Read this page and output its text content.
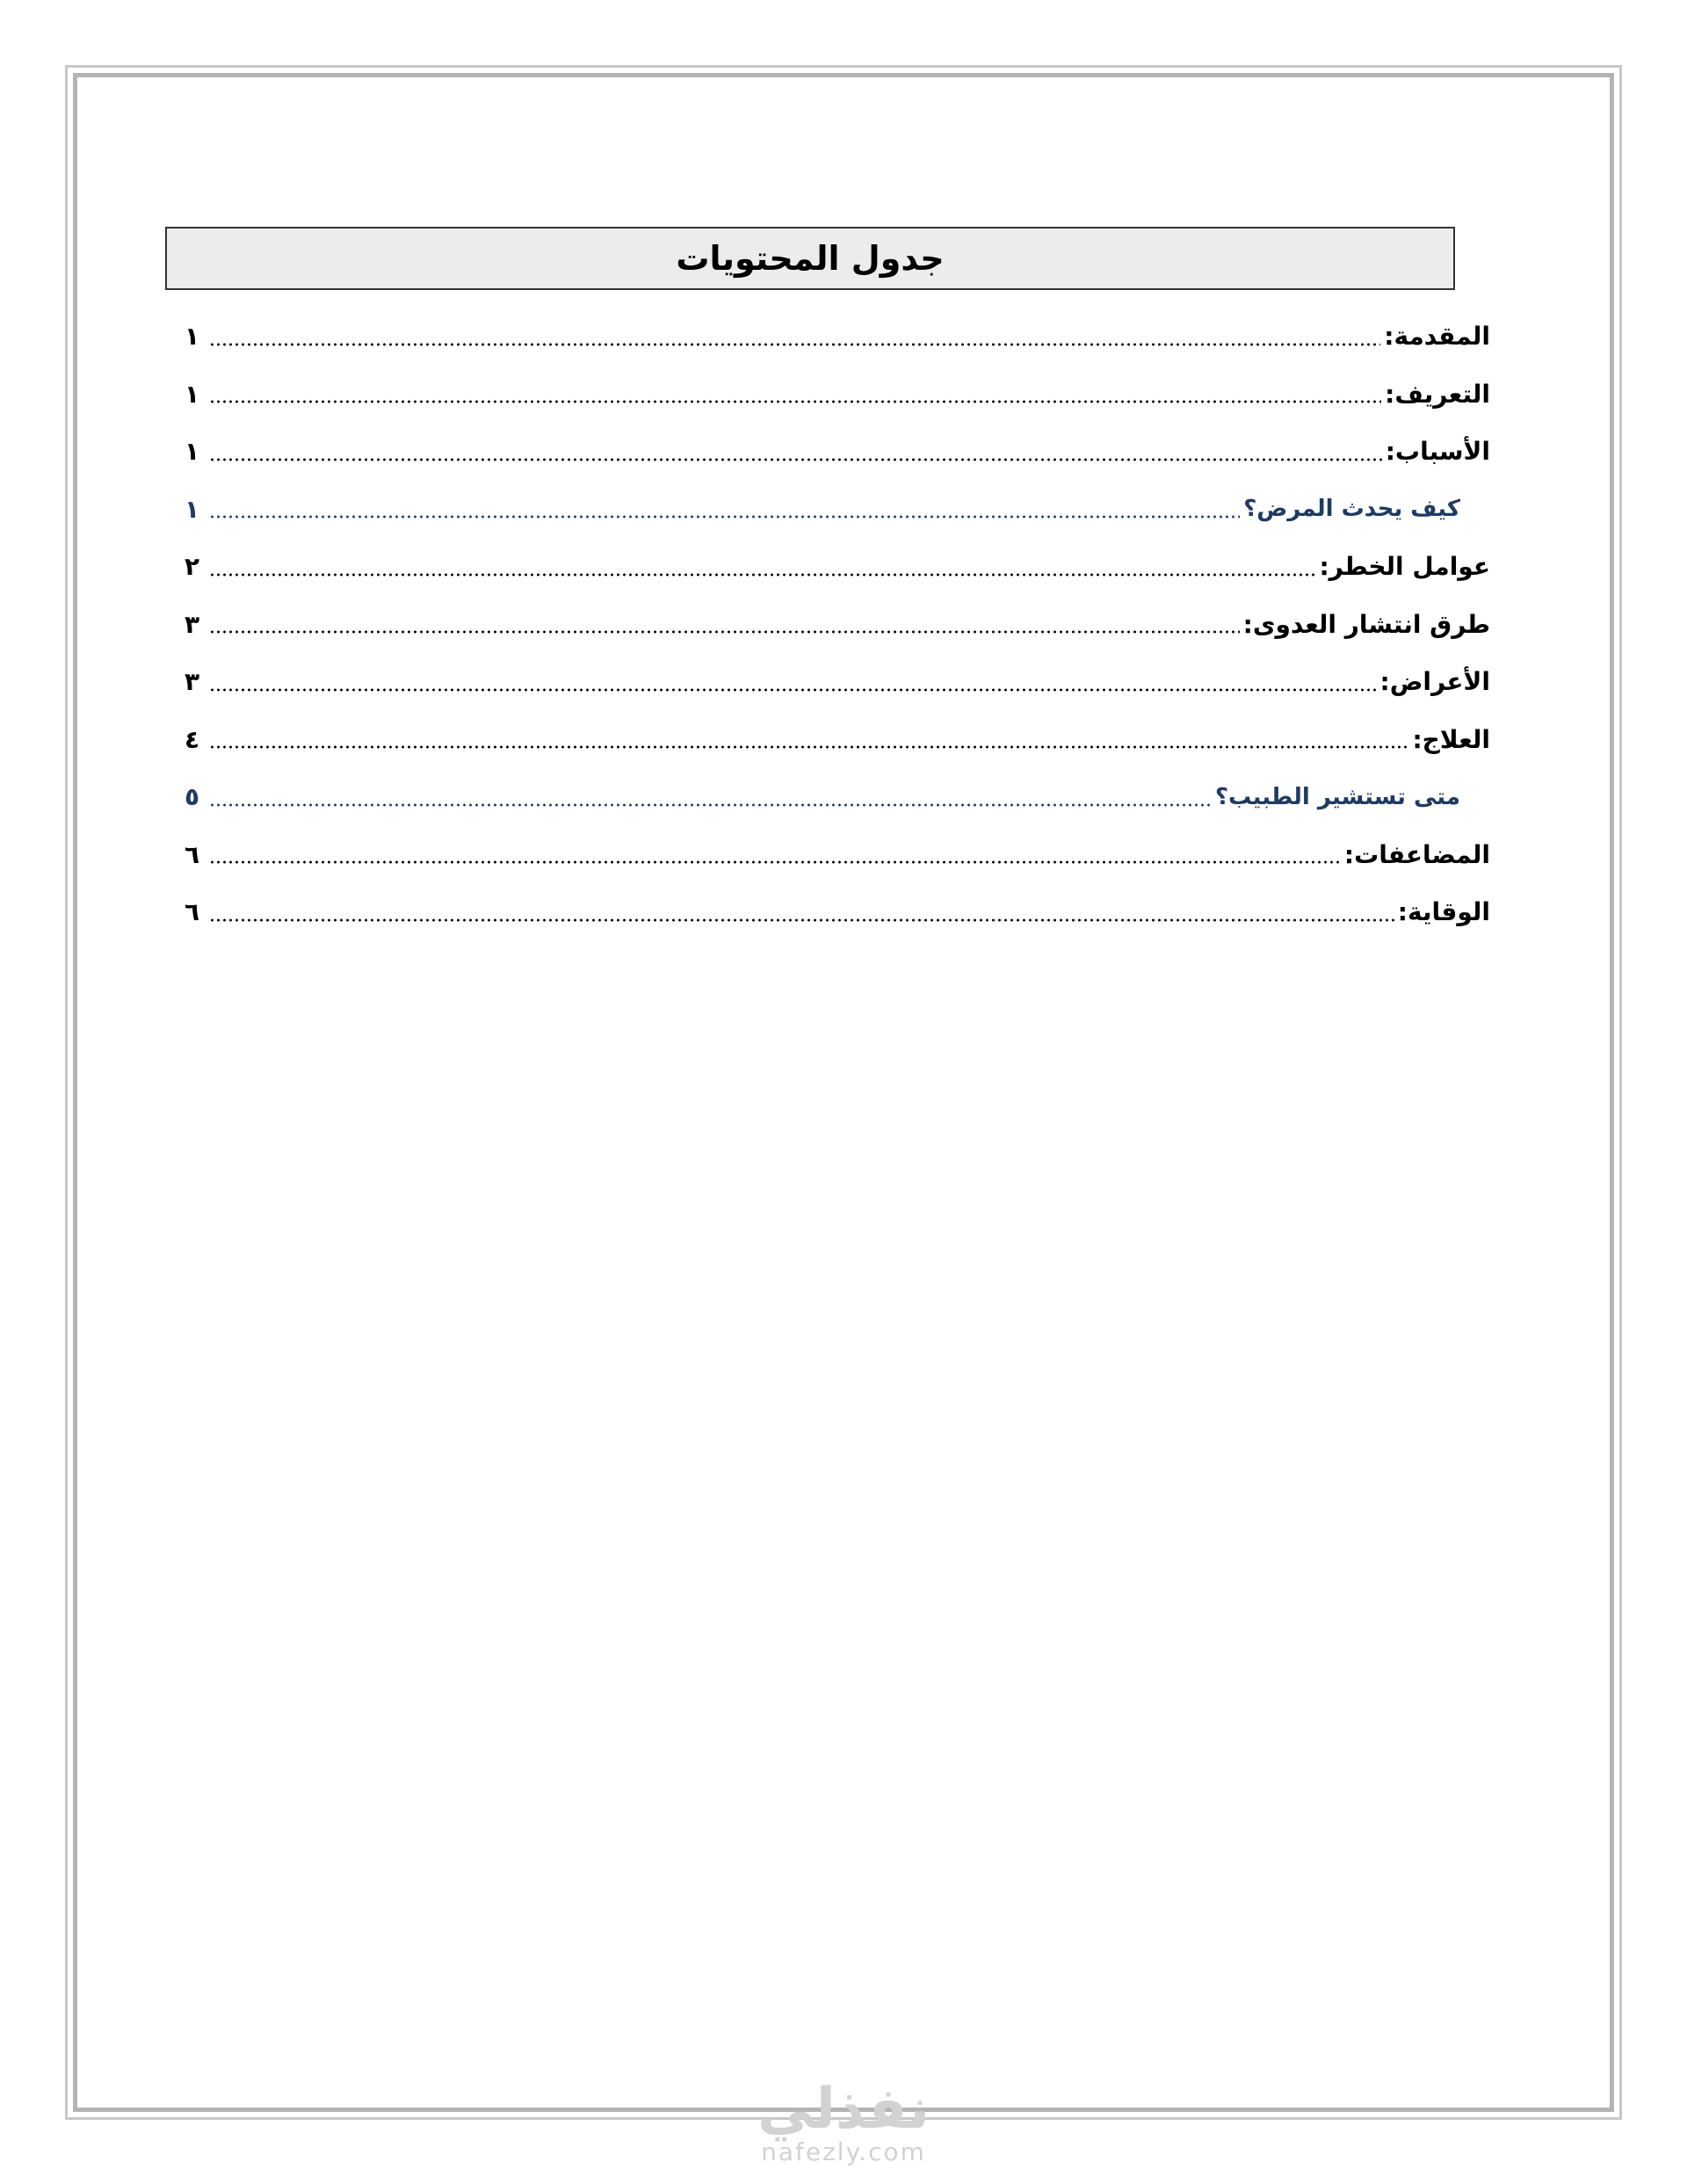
جدول المحتويات
المقدمة:
١
التعريف:
١
الأسباب:
١
كيف يحدث المرض؟
١
عوامل الخطر:
٢
طرق انتشار العدوى:
٣
الأعراض:
٣
العلاج:
٤
متى تستشير الطبيب؟
٥
المضاعفات:
٦
الوقاية:
٦
نفذلي
nafezly.com
